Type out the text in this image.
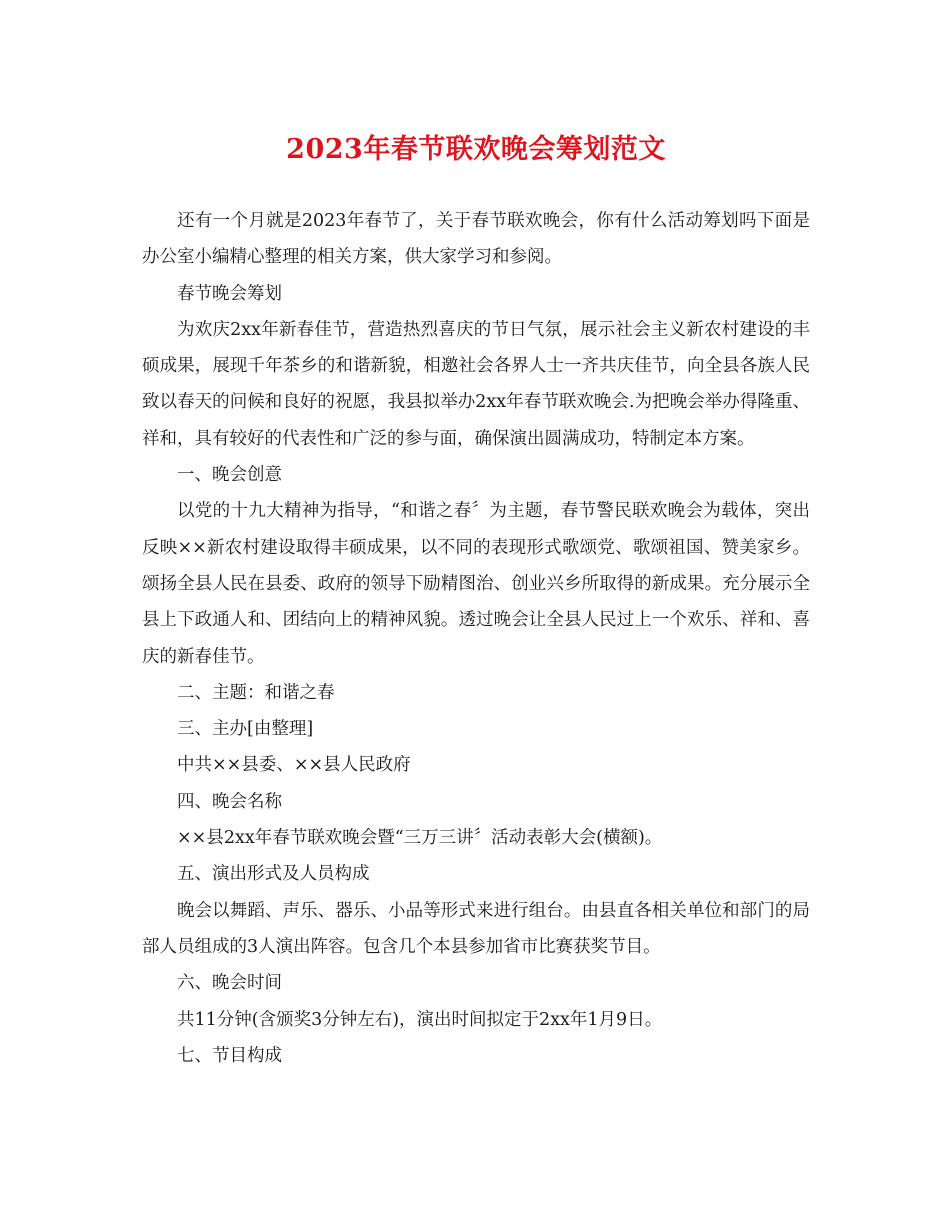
2023年春节联欢晚会筹划范文

还有一个月就是2023年春节了，关于春节联欢晚会，你有什么活动筹划吗下面是办公室小编精心整理的相关方案，供大家学习和参阅。

春节晚会筹划

为欢庆2xx年新春佳节，营造热烈喜庆的节日气氛，展示社会主义新农村建设的丰硕成果，展现千年茶乡的和谐新貌，相邀社会各界人士一齐共庆佳节，向全县各族人民致以春天的问候和良好的祝愿，我县拟举办2xx年春节联欢晚会.为把晚会举办得隆重、祥和，具有较好的代表性和广泛的参与面，确保演出圆满成功，特制定本方案。

一、晚会创意

以党的十九大精神为指导，“和谐之春〞为主题，春节警民联欢晚会为载体，突出反映××新农村建设取得丰硕成果，以不同的表现形式歌颂党、歌颂祖国、赞美家乡。颂扬全县人民在县委、政府的领导下励精图治、创业兴乡所取得的新成果。充分展示全县上下政通人和、团结向上的精神风貌。透过晚会让全县人民过上一个欢乐、祥和、喜庆的新春佳节。

二、主题：和谐之春

三、主办[由整理]

中共××县委、××县人民政府

四、晚会名称

××县2xx年春节联欢晚会暨“三万三讲〞活动表彰大会(横额)。

五、演出形式及人员构成

晚会以舞蹈、声乐、器乐、小品等形式来进行组台。由县直各相关单位和部门的局部人员组成的3人演出阵容。包含几个本县参加省市比赛获奖节目。

六、晚会时间

共11分钟(含颁奖3分钟左右)，演出时间拟定于2xx年1月9日。

七、节目构成
